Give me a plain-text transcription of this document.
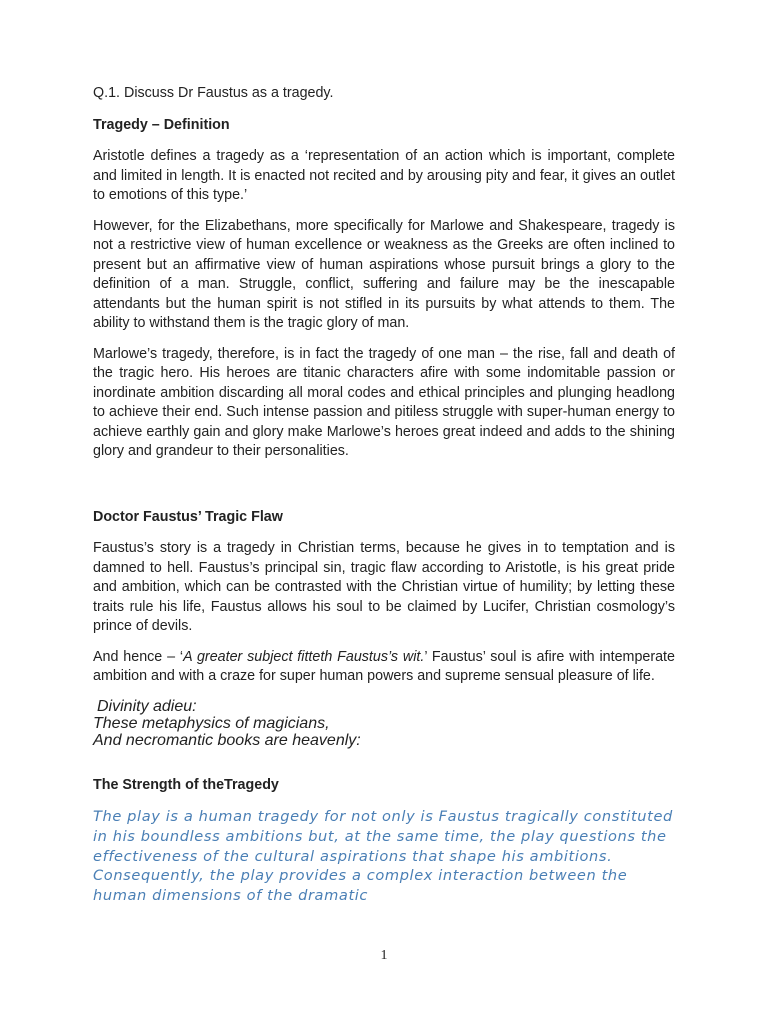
Q.1. Discuss Dr Faustus as a tragedy.

Tragedy – Definition

Aristotle defines a tragedy as a ‘representation of an action which is important, complete and limited in length. It is enacted not recited and by arousing pity and fear, it gives an outlet to emotions of this type.’

However, for the Elizabethans, more specifically for Marlowe and Shakespeare, tragedy is not a restrictive view of human excellence or weakness as the Greeks are often inclined to present but an affirmative view of human aspirations whose pursuit brings a glory to the definition of a man. Struggle, conflict, suffering and failure may be the inescapable attendants but the human spirit is not stifled in its pursuits by what attends to them. The ability to withstand them is the tragic glory of man.

Marlowe’s tragedy, therefore, is in fact the tragedy of one man – the rise, fall and death of the tragic hero. His heroes are titanic characters afire with some indomitable passion or inordinate ambition discarding all moral codes and ethical principles and plunging headlong to achieve their end. Such intense passion and pitiless struggle with super-human energy to achieve earthly gain and glory make Marlowe’s heroes great indeed and adds to the shining glory and grandeur to their personalities.

Doctor Faustus’ Tragic Flaw

Faustus’s story is a tragedy in Christian terms, because he gives in to temptation and is damned to hell. Faustus’s principal sin, tragic flaw according to Aristotle, is his great pride and ambition, which can be contrasted with the Christian virtue of humility; by letting these traits rule his life, Faustus allows his soul to be claimed by Lucifer, Christian cosmology’s prince of devils.

And hence – ‘A greater subject fitteth Faustus’s wit.’ Faustus’ soul is afire with intemperate ambition and with a craze for super human powers and supreme sensual pleasure of life.

Divinity adieu:
These metaphysics of magicians,
And necromantic books are heavenly:
The Strength of theTragedy

The play is a human tragedy for not only is Faustus tragically constituted in his boundless ambitions but, at the same time, the play questions the effectiveness of the cultural aspirations that shape his ambitions. Consequently, the play provides a complex interaction between the human dimensions of the dramatic

1
